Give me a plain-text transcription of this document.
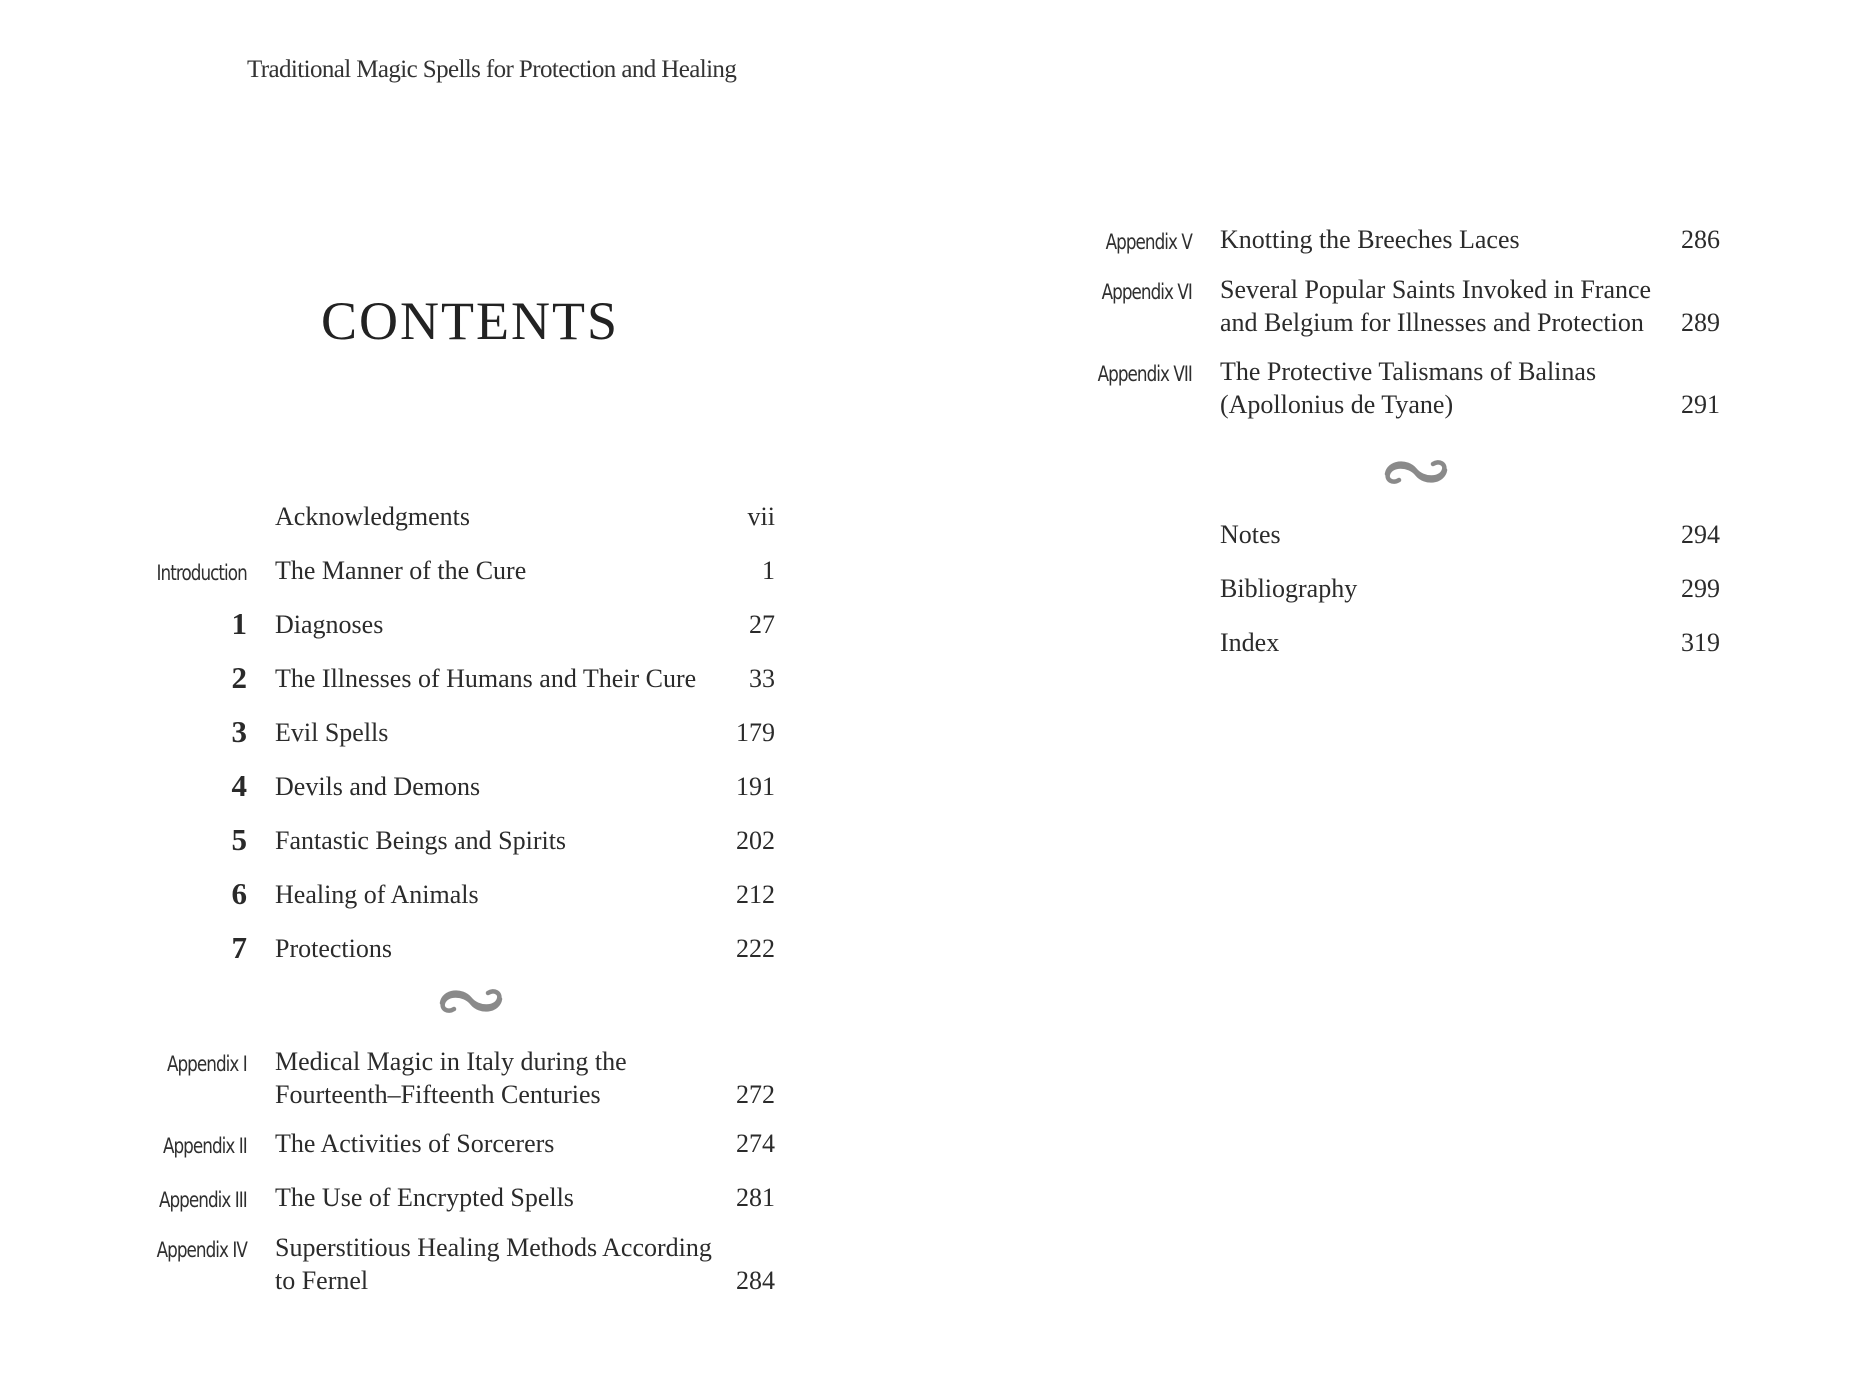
Traditional Magic Spells for Protection and Healing
CONTENTS
Acknowledgments	vii
Introduction The Manner of the Cure	1
1 Diagnoses	27
2 The Illnesses of Humans and Their Cure 33
3 Evil Spells	179
4 Devils and Demons	191
5 Fantastic Beings and Spirits	202
6 Healing of Animals	212
7 Protections	222
Appendix I Medical Magic in Italy during the
Fourteenth–Fifteenth Centuries	272
Appendix II The Activities of Sorcerers	274
Appendix III The Use of Encrypted Spells	281
Appendix IV Superstitious Healing Methods According
to Fernel	284
Appendix V Knotting the Breeches Laces	286
Appendix VI Several Popular Saints Invoked in France
and Belgium for Illnesses and Protection 289
Appendix VII The Protective Talismans of Balinas
(Apollonius de Tyane)	291
Notes	294
Bibliography	299
Index	319
